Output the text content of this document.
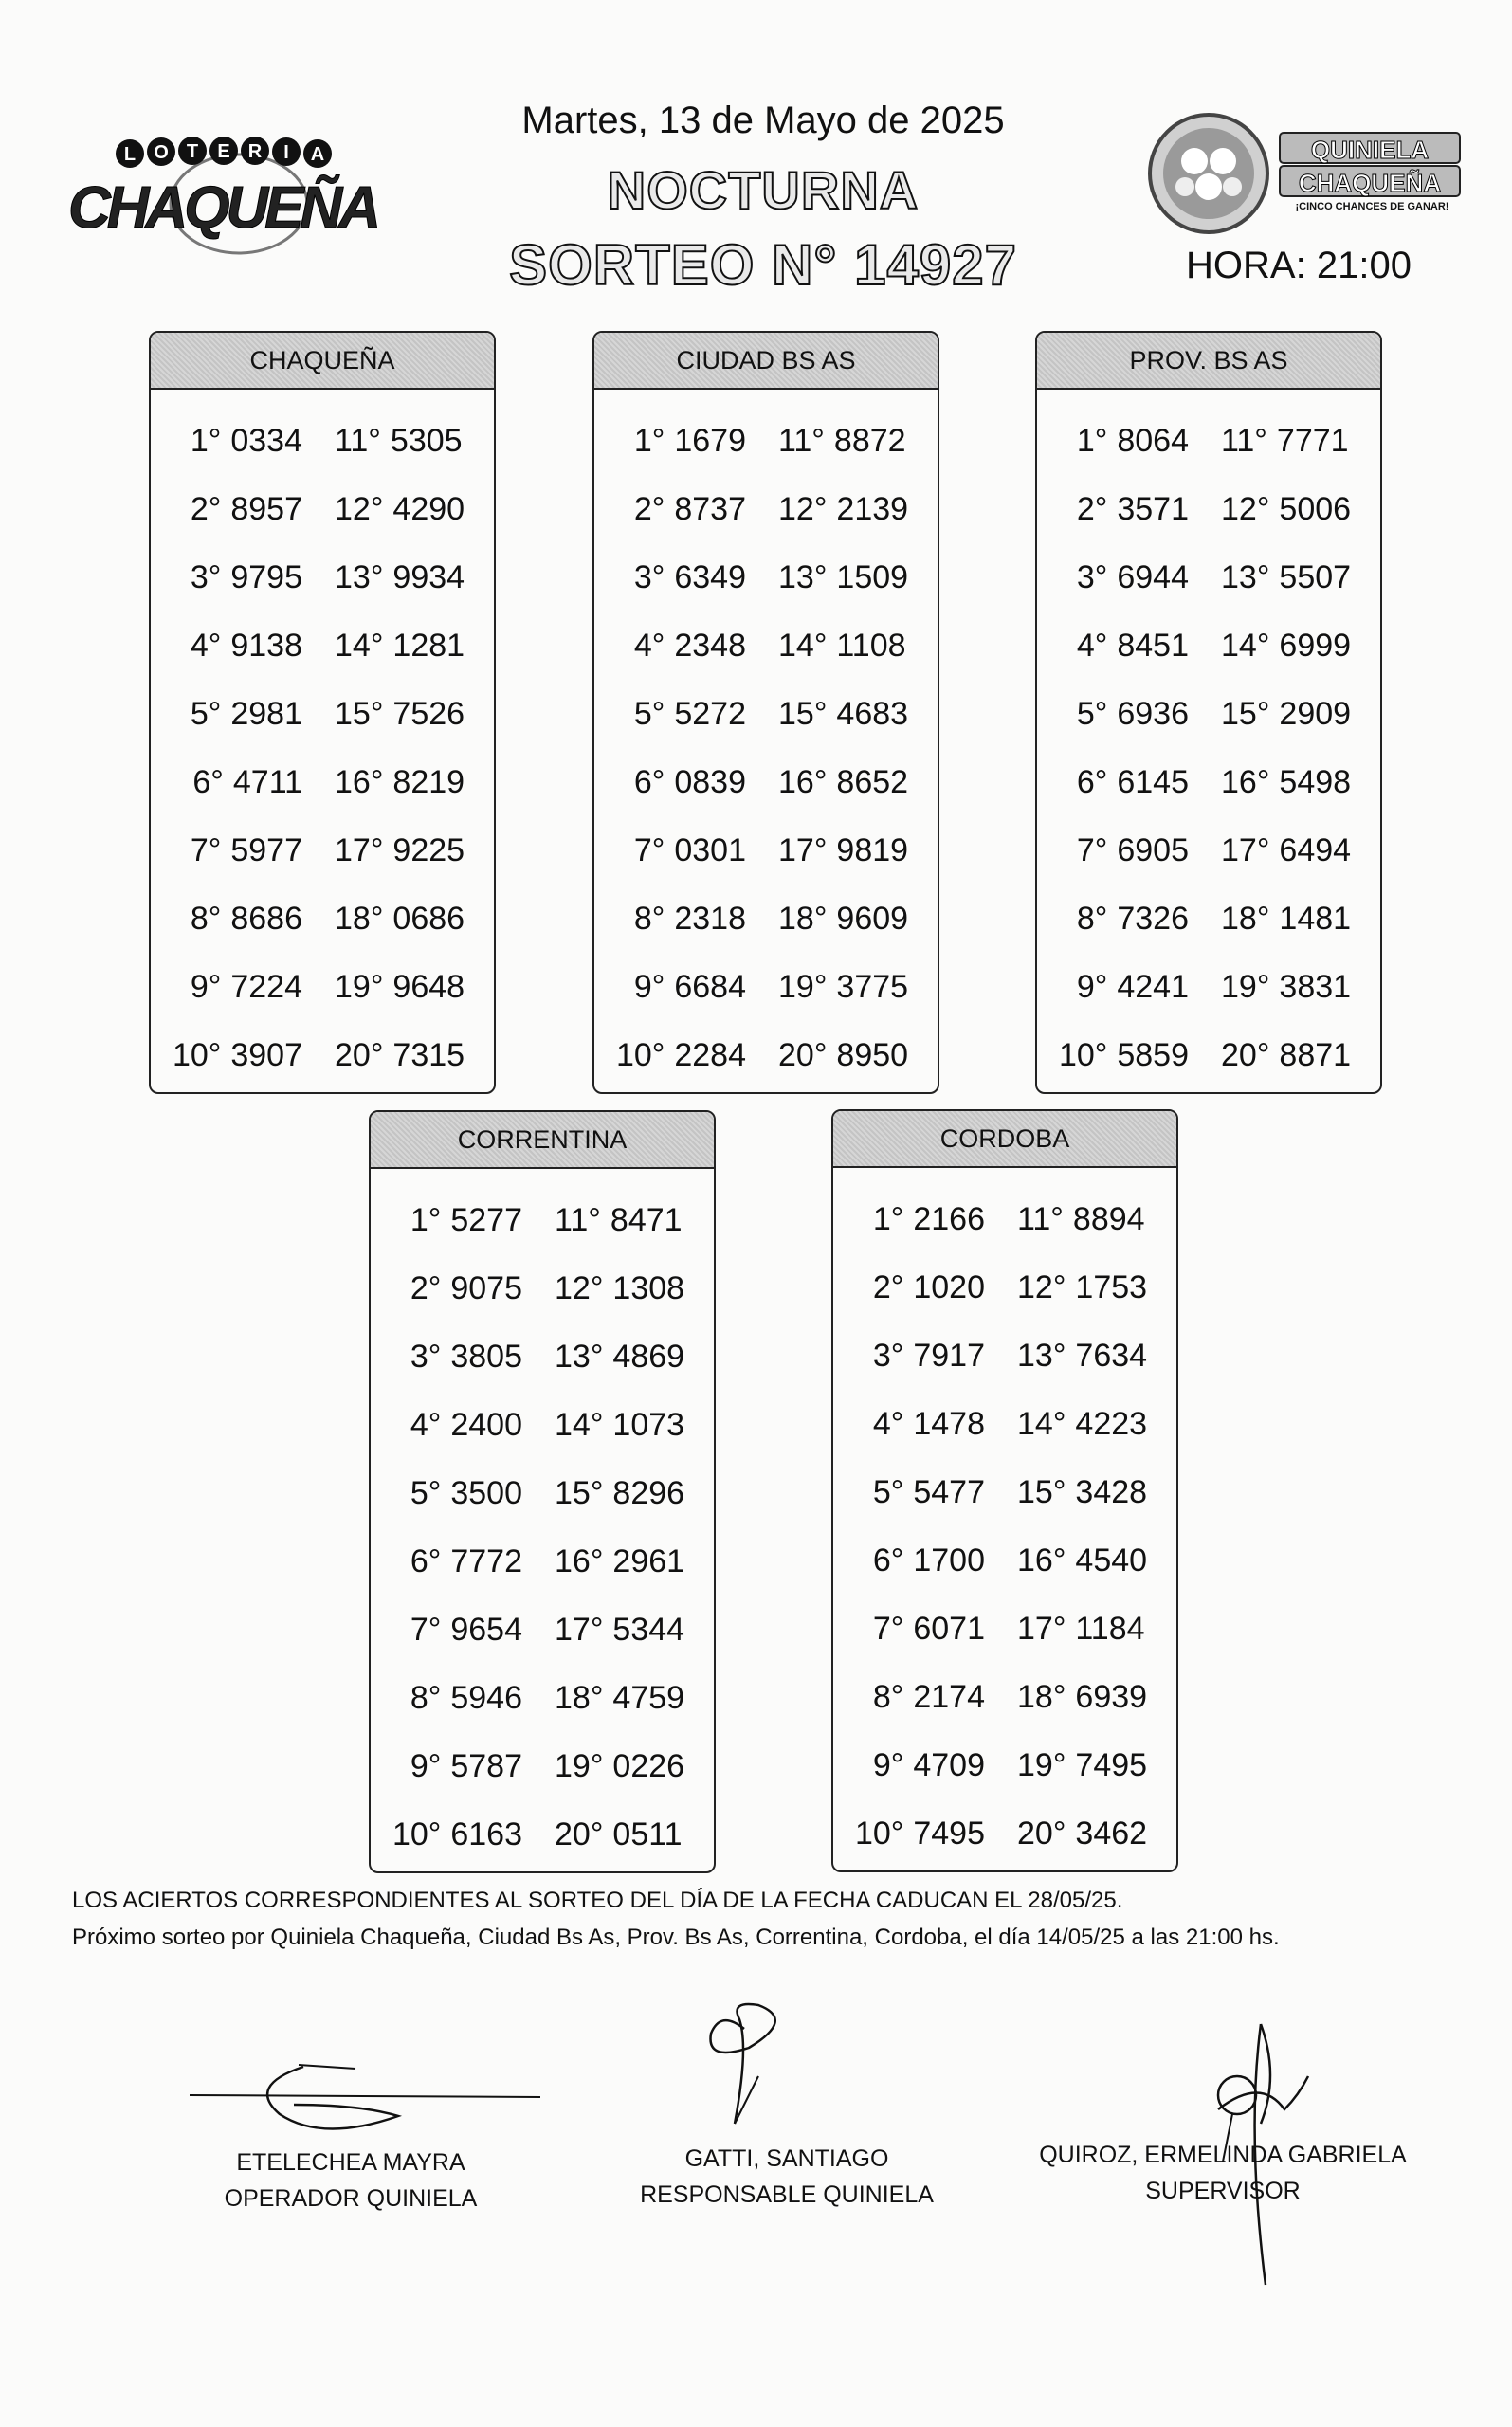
L O T E R I A
CHAQUEÑA
QUINIELA
CHAQUEÑA
¡CINCO CHANCES DE GANAR!
Martes, 13 de Mayo de 2025
NOCTURNA
SORTEO N° 14927	HORA: 21:00
CHAQUEÑA
1° 0334 11° 5305
2° 8957 12° 4290
3° 9795 13° 9934
4° 9138 14° 1281
5° 2981 15° 7526
6° 4711 16° 8219
7° 5977 17° 9225
8° 8686 18° 0686
9° 7224 19° 9648
10° 3907 20° 7315
CIUDAD BS AS
1° 1679 11° 8872
2° 8737 12° 2139
3° 6349 13° 1509
4° 2348 14° 1108
5° 5272 15° 4683
6° 0839 16° 8652
7° 0301 17° 9819
8° 2318 18° 9609
9° 6684 19° 3775
10° 2284 20° 8950
PROV. BS AS
1° 8064 11° 7771
2° 3571 12° 5006
3° 6944 13° 5507
4° 8451 14° 6999
5° 6936 15° 2909
6° 6145 16° 5498
7° 6905 17° 6494
8° 7326 18° 1481
9° 4241 19° 3831
10° 5859 20° 8871
CORRENTINA
1° 5277 11° 8471
2° 9075 12° 1308
3° 3805 13° 4869
4° 2400 14° 1073
5° 3500 15° 8296
6° 7772 16° 2961
7° 9654 17° 5344
8° 5946 18° 4759
9° 5787 19° 0226
10° 6163 20° 0511
CORDOBA
1° 2166 11° 8894
2° 1020 12° 1753
3° 7917 13° 7634
4° 1478 14° 4223
5° 5477 15° 3428
6° 1700 16° 4540
7° 6071 17° 1184
8° 2174 18° 6939
9° 4709 19° 7495
10° 7495 20° 3462
LOS ACIERTOS CORRESPONDIENTES AL SORTEO DEL DÍA DE LA FECHA CADUCAN EL 28/05/25.
Próximo sorteo por Quiniela Chaqueña, Ciudad Bs As, Prov. Bs As, Correntina, Cordoba, el día 14/05/25 a las 21:00 hs.
ETELECHEA MAYRA
OPERADOR QUINIELA
GATTI, SANTIAGO
RESPONSABLE QUINIELA
QUIROZ, ERMELINDA GABRIELA
SUPERVISOR
